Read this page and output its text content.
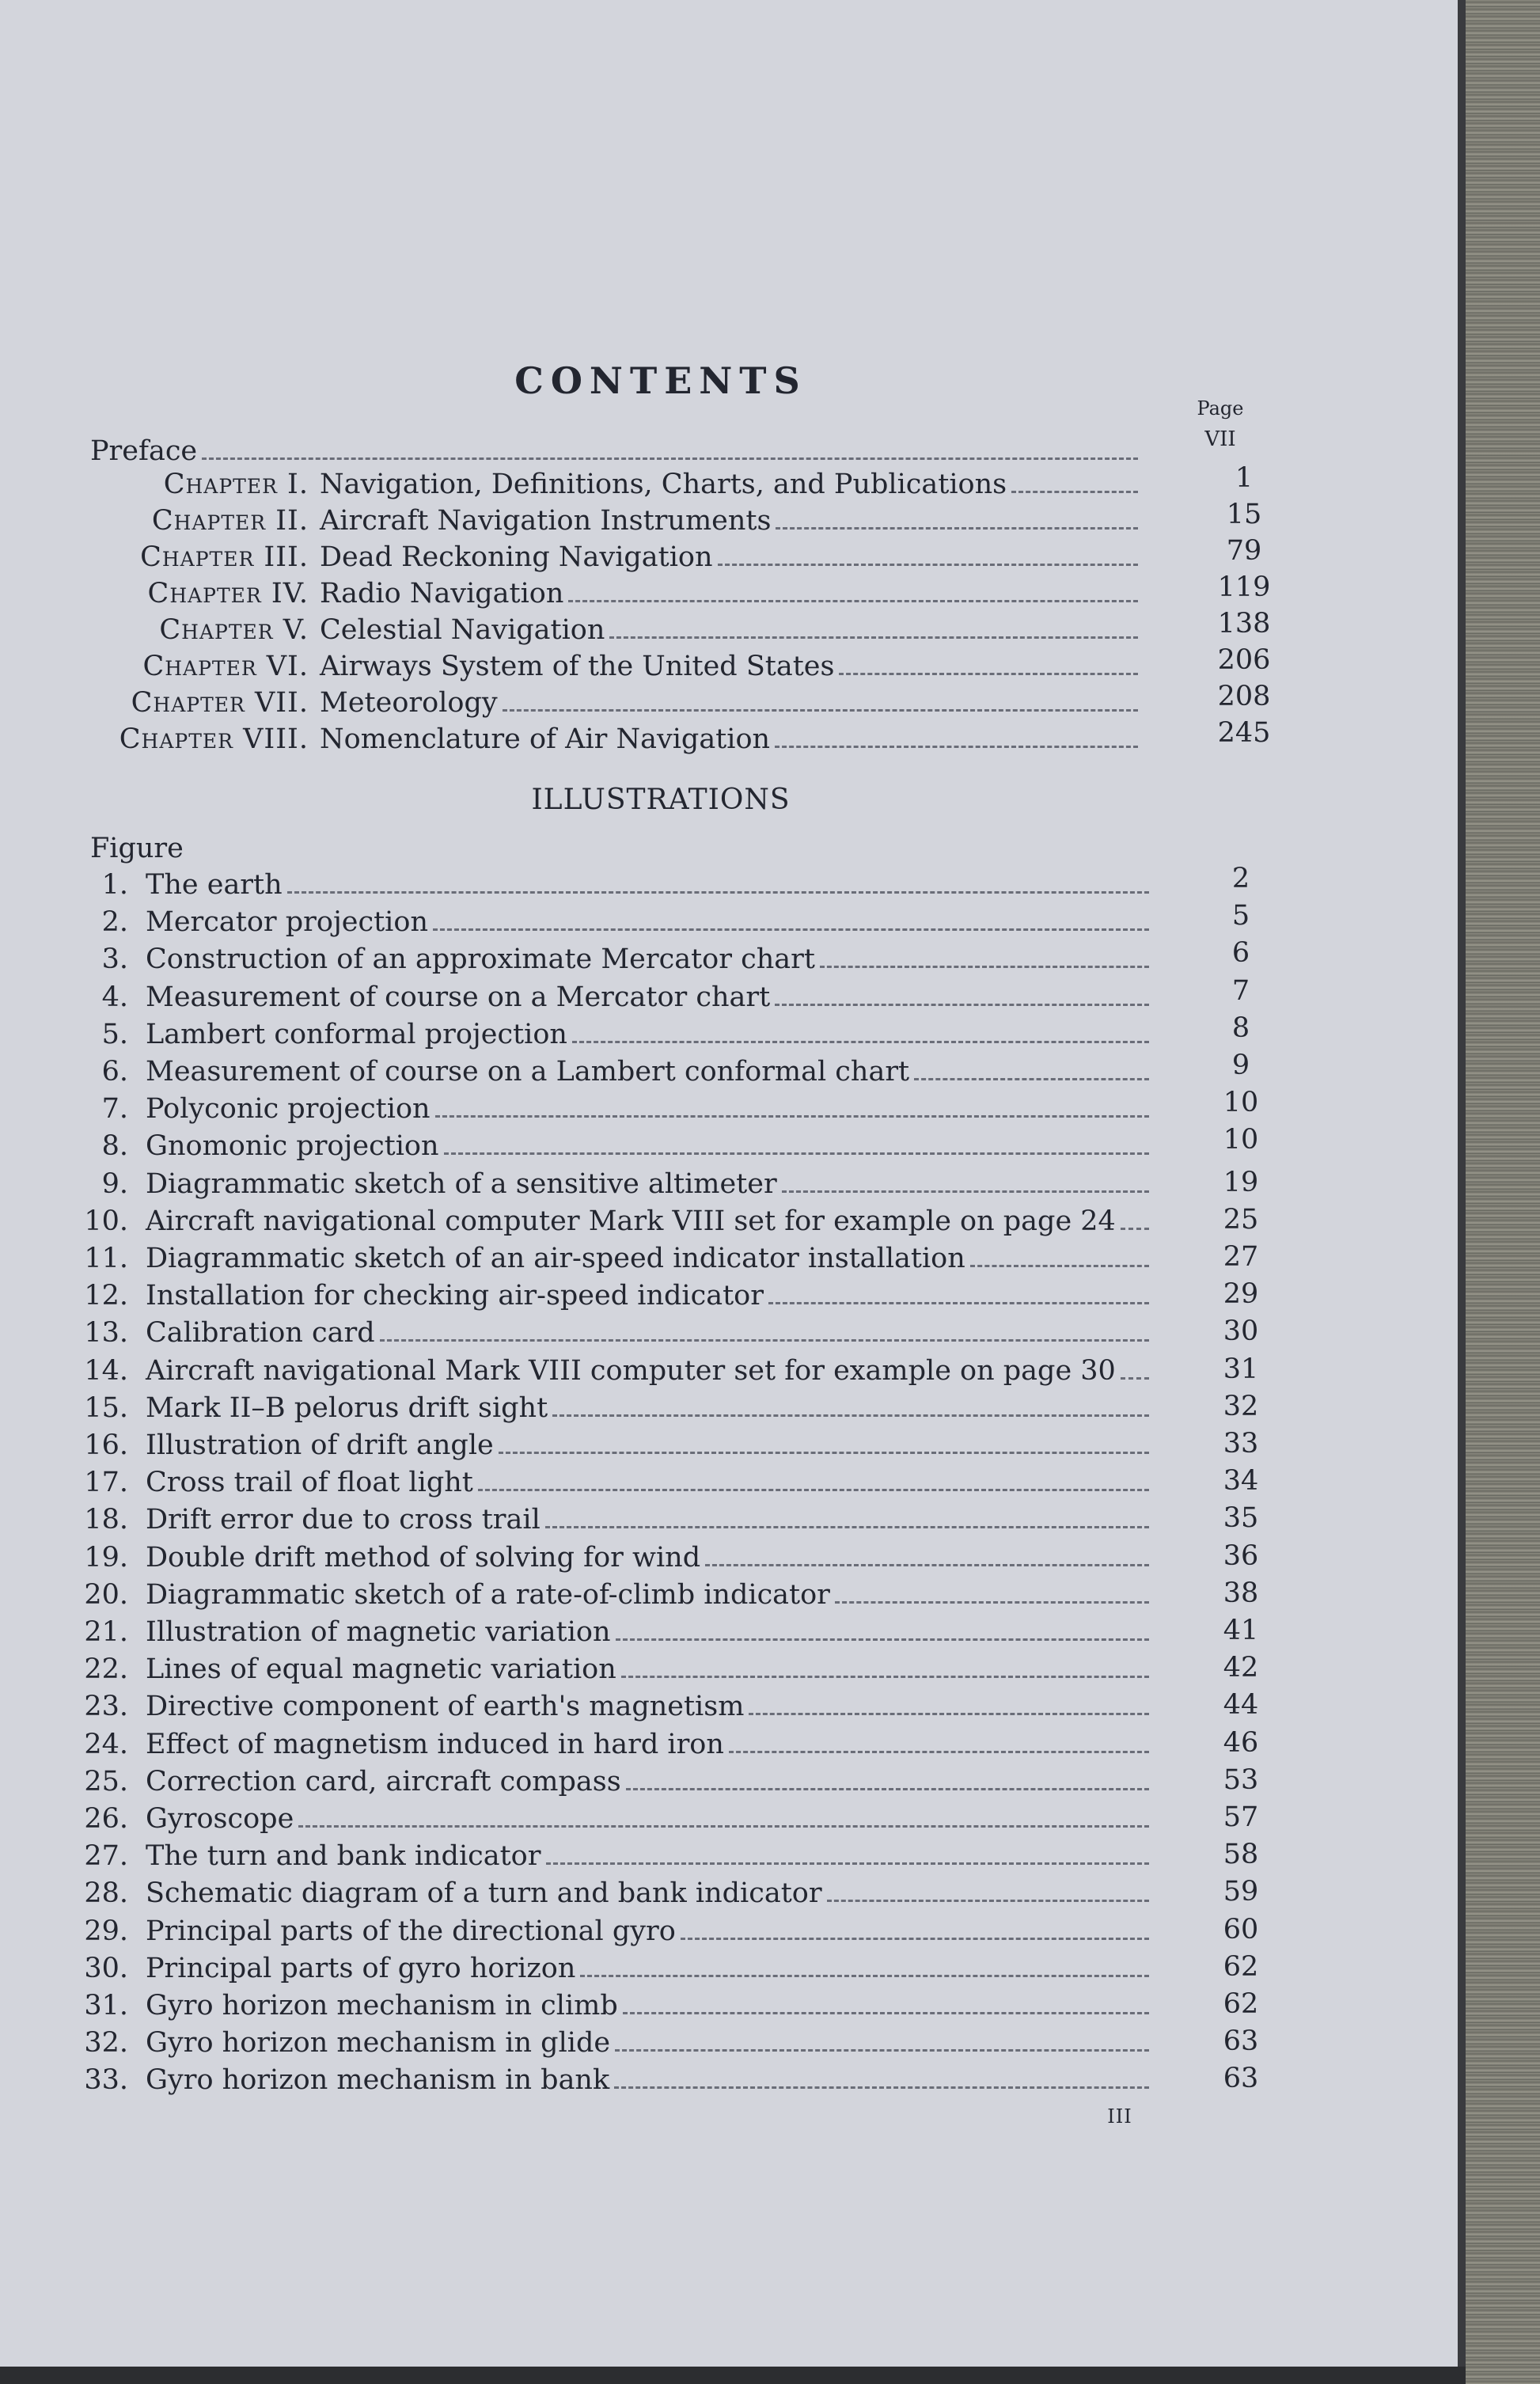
CONTENTS
Page
Preface	VII
Chapter I. Navigation, Definitions, Charts, and Publications	1
Chapter II. Aircraft Navigation Instruments	15
Chapter III. Dead Reckoning Navigation	79
Chapter IV. Radio Navigation	119
Chapter V. Celestial Navigation	138
Chapter VI. Airways System of the United States	206
Chapter VII. Meteorology	208
Chapter VIII. Nomenclature of Air Navigation	245
ILLUSTRATIONS
Figure
1. The earth	2
2. Mercator projection	5
3. Construction of an approximate Mercator chart	6
4. Measurement of course on a Mercator chart	7
5. Lambert conformal projection	8
6. Measurement of course on a Lambert conformal chart	9
7. Polyconic projection	10
8. Gnomonic projection	10
9. Diagrammatic sketch of a sensitive altimeter	19
10. Aircraft navigational computer Mark VIII set for example on page 24	25
11. Diagrammatic sketch of an air-speed indicator installation	27
12. Installation for checking air-speed indicator	29
13. Calibration card	30
14. Aircraft navigational Mark VIII computer set for example on page 30	31
15. Mark II–B pelorus drift sight	32
16. Illustration of drift angle	33
17. Cross trail of float light	34
18. Drift error due to cross trail	35
19. Double drift method of solving for wind	36
20. Diagrammatic sketch of a rate-of-climb indicator	38
21. Illustration of magnetic variation	41
22. Lines of equal magnetic variation	42
23. Directive component of earth's magnetism	44
24. Effect of magnetism induced in hard iron	46
25. Correction card, aircraft compass	53
26. Gyroscope	57
27. The turn and bank indicator	58
28. Schematic diagram of a turn and bank indicator	59
29. Principal parts of the directional gyro	60
30. Principal parts of gyro horizon	62
31. Gyro horizon mechanism in climb	62
32. Gyro horizon mechanism in glide	63
33. Gyro horizon mechanism in bank	63
III
